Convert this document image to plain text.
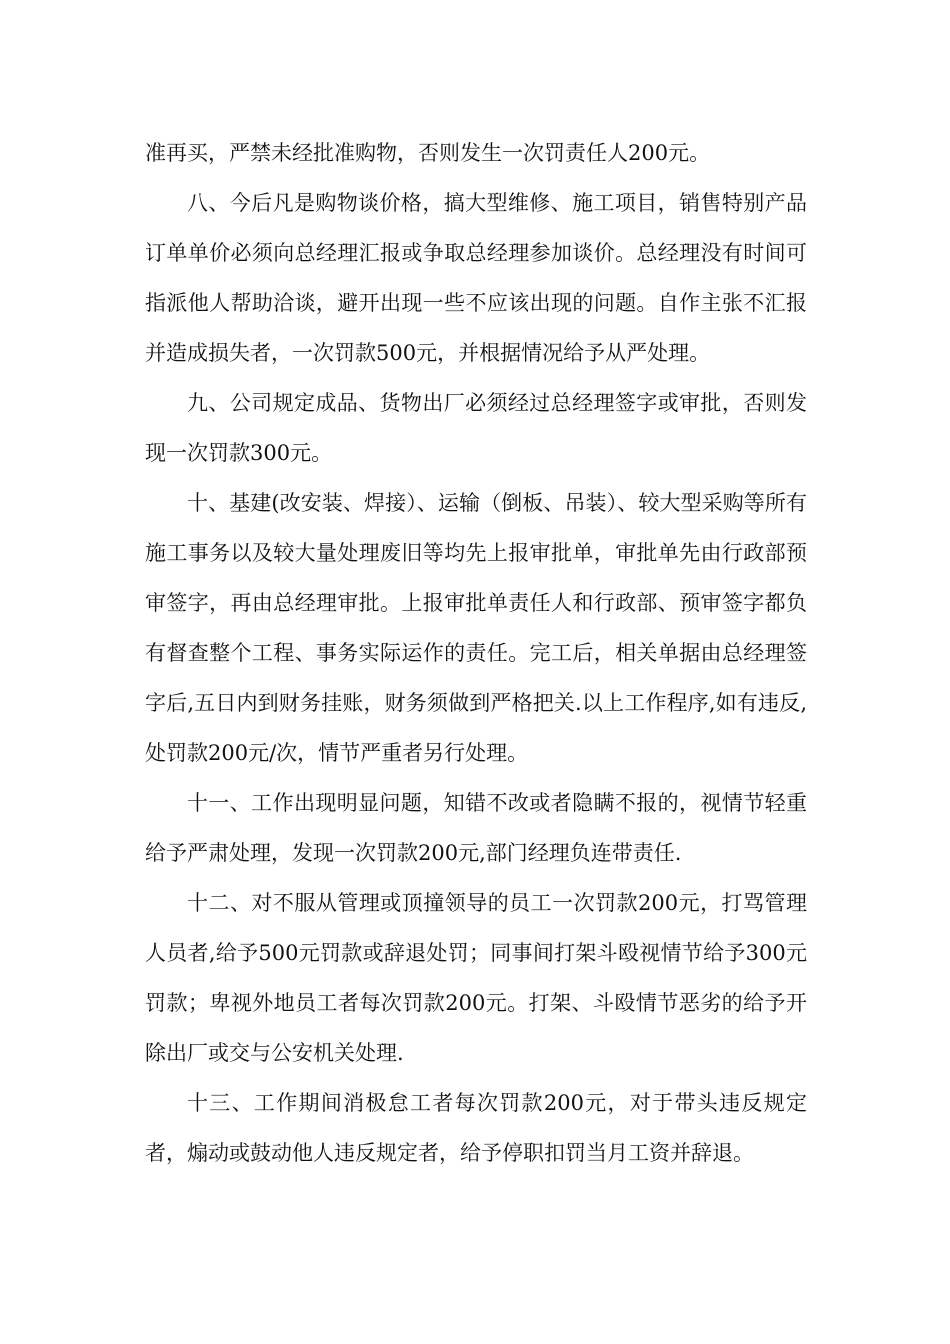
准再买，严禁未经批准购物，否则发生一次罚责任人200元。

八、今后凡是购物谈价格，搞大型维修、施工项目，销售特别产品订单单价必须向总经理汇报或争取总经理参加谈价。总经理没有时间可指派他人帮助洽谈，避开出现一些不应该出现的问题。自作主张不汇报并造成损失者，一次罚款500元，并根据情况给予从严处理。

九、公司规定成品、货物出厂必须经过总经理签字或审批，否则发现一次罚款300元。

十、基建(改安装、焊接）、运输（倒板、吊装）、较大型采购等所有施工事务以及较大量处理废旧等均先上报审批单，审批单先由行政部预审签字，再由总经理审批。上报审批单责任人和行政部、预审签字都负有督查整个工程、事务实际运作的责任。完工后，相关单据由总经理签字后,五日内到财务挂账，财务须做到严格把关.以上工作程序,如有违反,处罚款200元/次，情节严重者另行处理。

十一、工作出现明显问题，知错不改或者隐瞒不报的，视情节轻重给予严肃处理，发现一次罚款200元,部门经理负连带责任.

十二、对不服从管理或顶撞领导的员工一次罚款200元，打骂管理人员者,给予500元罚款或辞退处罚；同事间打架斗殴视情节给予300元罚款；卑视外地员工者每次罚款200元。打架、斗殴情节恶劣的给予开除出厂或交与公安机关处理.

十三、工作期间消极怠工者每次罚款200元，对于带头违反规定者，煽动或鼓动他人违反规定者，给予停职扣罚当月工资并辞退。
